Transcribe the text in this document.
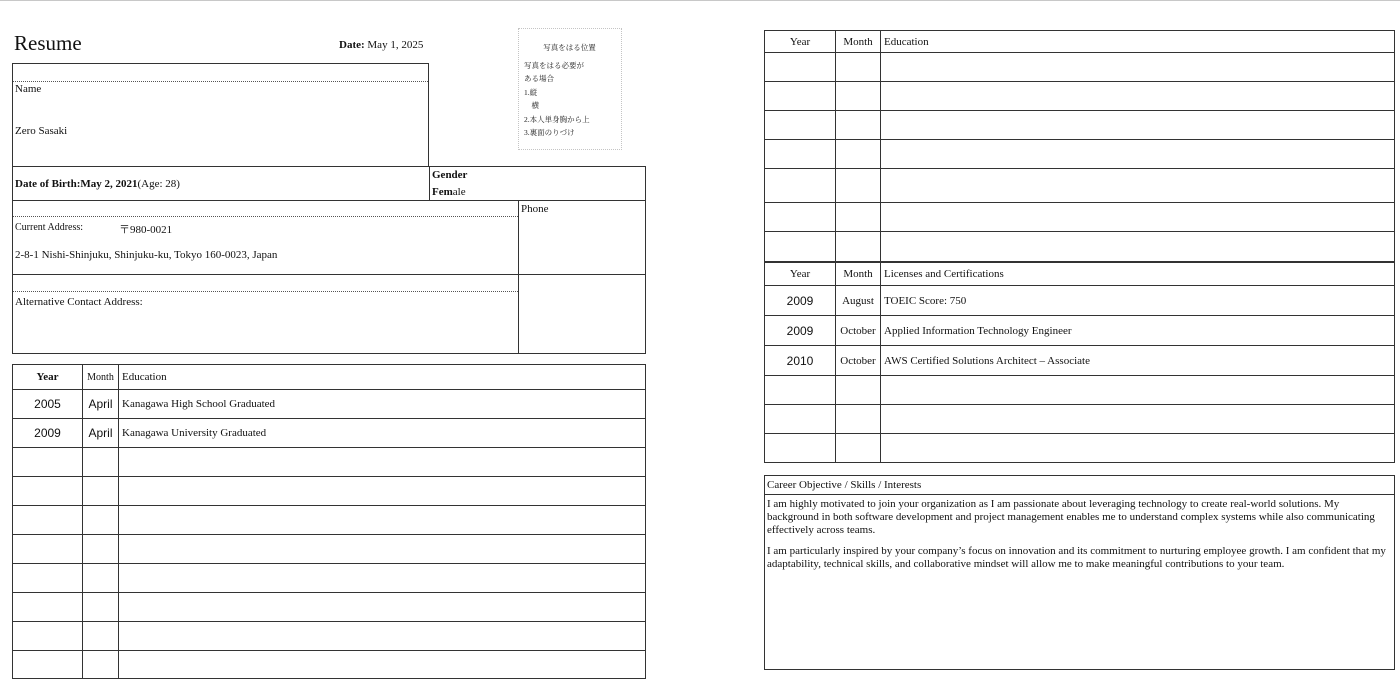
Resume	Date: May 1, 2025	写真をはる位置
写真をはる必要が
ある場合
1.縦
　横
2.本人単身胸から上
3.裏面のりづけ
Name
Zero Sasaki
Date of Birth:May 2, 2021(Age: 28)
Gender
Female
Current Address:	〒980-0021
2-8-1 Nishi-Shinjuku, Shinjuku-ku, Tokyo 160-0023, Japan
Phone
Alternative Contact Address:
Year	Month	Education
2005	April	Kanagawa High School Graduated
2009	April	Kanagawa University Graduated

Year	Month	Education

Year	Month	Licenses and Certifications
2009	August	TOEIC Score: 750
2009	October	Applied Information Technology Engineer
2010	October	AWS Certified Solutions Architect – Associate

Career Objective / Skills / Interests

I am highly motivated to join your organization as I am passionate about leveraging technology to create real-world solutions. My background in both software development and project management enables me to understand complex systems while also communicating effectively across teams.

I am particularly inspired by your company’s focus on innovation and its commitment to nurturing employee growth. I am confident that my adaptability, technical skills, and collaborative mindset will allow me to make meaningful contributions to your team.
